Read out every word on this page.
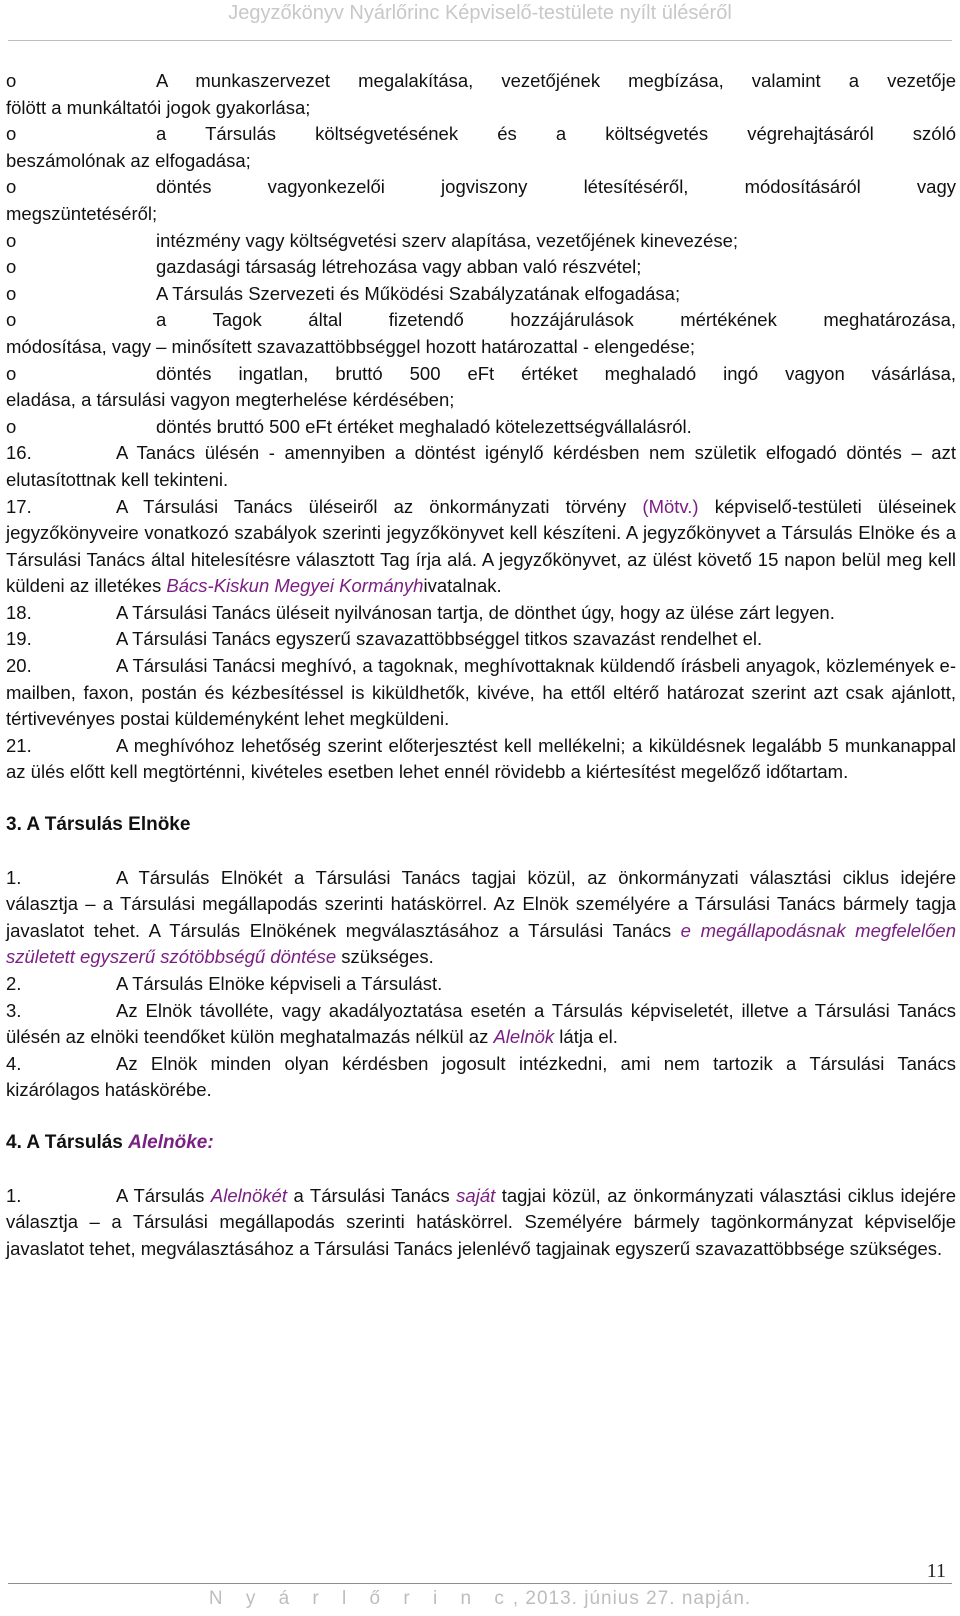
Jegyzőkönyv Nyárlőrinc Képviselő-testülete nyílt üléséről
o	A munkaszervezet megalakítása, vezetőjének megbízása, valamint a vezetője
fölött a munkáltatói jogok gyakorlása;
o	a Társulás költségvetésének és a költségvetés végrehajtásáról szóló
beszámolónak az elfogadása;
o	döntés vagyonkezelői jogviszony létesítéséről, módosításáról vagy
megszüntetéséről;
o	intézmény vagy költségvetési szerv alapítása, vezetőjének kinevezése;
o	gazdasági társaság létrehozása vagy abban való részvétel;
o	A Társulás Szervezeti és Működési Szabályzatának elfogadása;
o	a Tagok által fizetendő hozzájárulások mértékének meghatározása,
módosítása, vagy – minősített szavazattöbbséggel hozott határozattal - elengedése;
o	döntés ingatlan, bruttó 500 eFt értéket meghaladó ingó vagyon vásárlása,
eladása, a társulási vagyon megterhelése kérdésében;
o	döntés bruttó 500 eFt értéket meghaladó kötelezettségvállalásról.
16.	A Tanács ülésén - amennyiben a döntést igénylő kérdésben nem születik elfogadó döntés – azt elutasítottnak kell tekinteni.
17.	A Társulási Tanács üléseiről az önkormányzati törvény (Mötv.) képviselő-testületi üléseinek jegyzőkönyveire vonatkozó szabályok szerinti jegyzőkönyvet kell készíteni. A jegyzőkönyvet a Társulás Elnöke és a Társulási Tanács által hitelesítésre választott Tag írja alá. A jegyzőkönyvet, az ülést követő 15 napon belül meg kell küldeni az illetékes Bács-Kiskun Megyei Kormányhivatalnak.
18.	A Társulási Tanács üléseit nyilvánosan tartja, de dönthet úgy, hogy az ülése zárt legyen.
19.	A Társulási Tanács egyszerű szavazattöbbséggel titkos szavazást rendelhet el.
20.	A Társulási Tanácsi meghívó, a tagoknak, meghívottaknak küldendő írásbeli anyagok, közlemények e-mailben, faxon, postán és kézbesítéssel is kiküldhetők, kivéve, ha ettől eltérő határozat szerint azt csak ajánlott, tértivevényes postai küldeményként lehet megküldeni.
21.	A meghívóhoz lehetőség szerint előterjesztést kell mellékelni; a kiküldésnek legalább 5 munkanappal az ülés előtt kell megtörténni, kivételes esetben lehet ennél rövidebb a kiértesítést megelőző időtartam.
3. A Társulás Elnöke
1.	A Társulás Elnökét a Társulási Tanács tagjai közül, az önkormányzati választási ciklus idejére választja – a Társulási megállapodás szerinti hatáskörrel. Az Elnök személyére a Társulási Tanács bármely tagja javaslatot tehet. A Társulás Elnökének megválasztásához a Társulási Tanács e megállapodásnak megfelelően született egyszerű szótöbbségű döntése szükséges.
2.	A Társulás Elnöke képviseli a Társulást.
3.	Az Elnök távolléte, vagy akadályoztatása esetén a Társulás képviseletét, illetve a Társulási Tanács ülésén az elnöki teendőket külön meghatalmazás nélkül az Alelnök látja el.
4.	Az Elnök minden olyan kérdésben jogosult intézkedni, ami nem tartozik a Társulási Tanács kizárólagos hatáskörébe.
4. A Társulás Alelnöke:
1.	A Társulás Alelnökét a Társulási Tanács saját tagjai közül, az önkormányzati választási ciklus idejére választja – a Társulási megállapodás szerinti hatáskörrel. Személyére bármely tagönkormányzat képviselője javaslatot tehet, megválasztásához a Társulási Tanács jelenlévő tagjainak egyszerű szavazattöbbsége szükséges.
11
N y á r l ő r i n c, 2013. június 27. napján.
